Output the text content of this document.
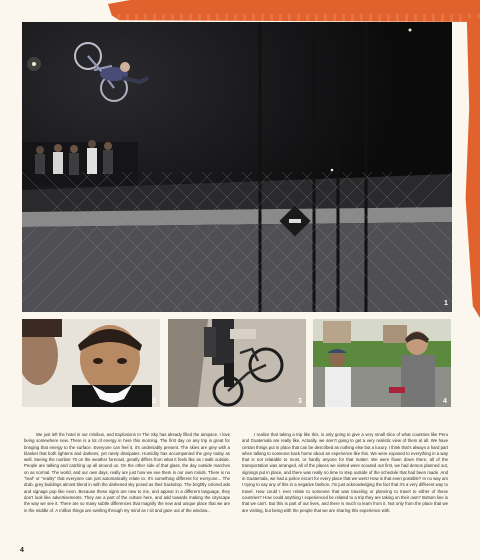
1
2	3	4

We just left the hotel in our minibus, and Explosions In The Sky has already filled the airspace. I love being somewhere new. There is a lot of energy in here this morning. The first day on any trip is great for bringing that energy to the surface. Everyone can feel it, it's undeniably present. The skies are grey with a blanket that both lightens and darkens, yet rarely dissipates. Humidity has accompanied the grey today as well. Seeing the number 70 on the weather forecast, greatly differs from what it feels like as I walk outside. People are talking and catching up all around us. On the other side of that glass, the day outside marches on as normal. The world, and our own days, really are just how we see them in our own minds. There is no "real" or "reality" that everyone can just automatically relate to. It's something different for everyone... The drab, grey buildings almost blend in with the darkened sky posed as their backdrop. The brightly colored ads and signage pop like neon. Because these signs are new to me, and appear in a different language, they don't look like advertisements. They are a part of the culture here, and add towards making the cityscape the way we see it. There are so many subtle differences that magnify the new and unique place that we are in the middle of. A million things are swirling through my mind as I sit and gaze out of the window...

I realize that taking a trip like this, is only going to give a very small slice of what countries like Peru and Guatemala are really like. Actually, we aren't going to get a very realistic view of them at all. We have certain things put in place that can be described as nothing else but a luxury. I think that's always a hard part when talking to someone back home about an experience like this. We were exposed to everything in a way that is not relatable to most, or hardly anyone for that matter. We were flown down there, all of the transportation was arranged, all of the places we visited were scouted out first, we had demos planned out, signings put in place, and there was really no time to step outside of the schedule that had been made. And in Guatemala, we had a police escort for every place that we went! How is that even possible? In no way am I trying to say any of this in a negative fashion, I'm just acknowledging the fact that it's a very different way to travel. How could I ever relate to someone that was traveling or planning to travel to either of these countries? How could anything I experienced be related to a trip they are taking on their own? Bottom line is that we can't. But this is part of our lives, and there is much to learn from it. Not only from the place that we are visiting, but being with the people that we are sharing this experience with.

4
